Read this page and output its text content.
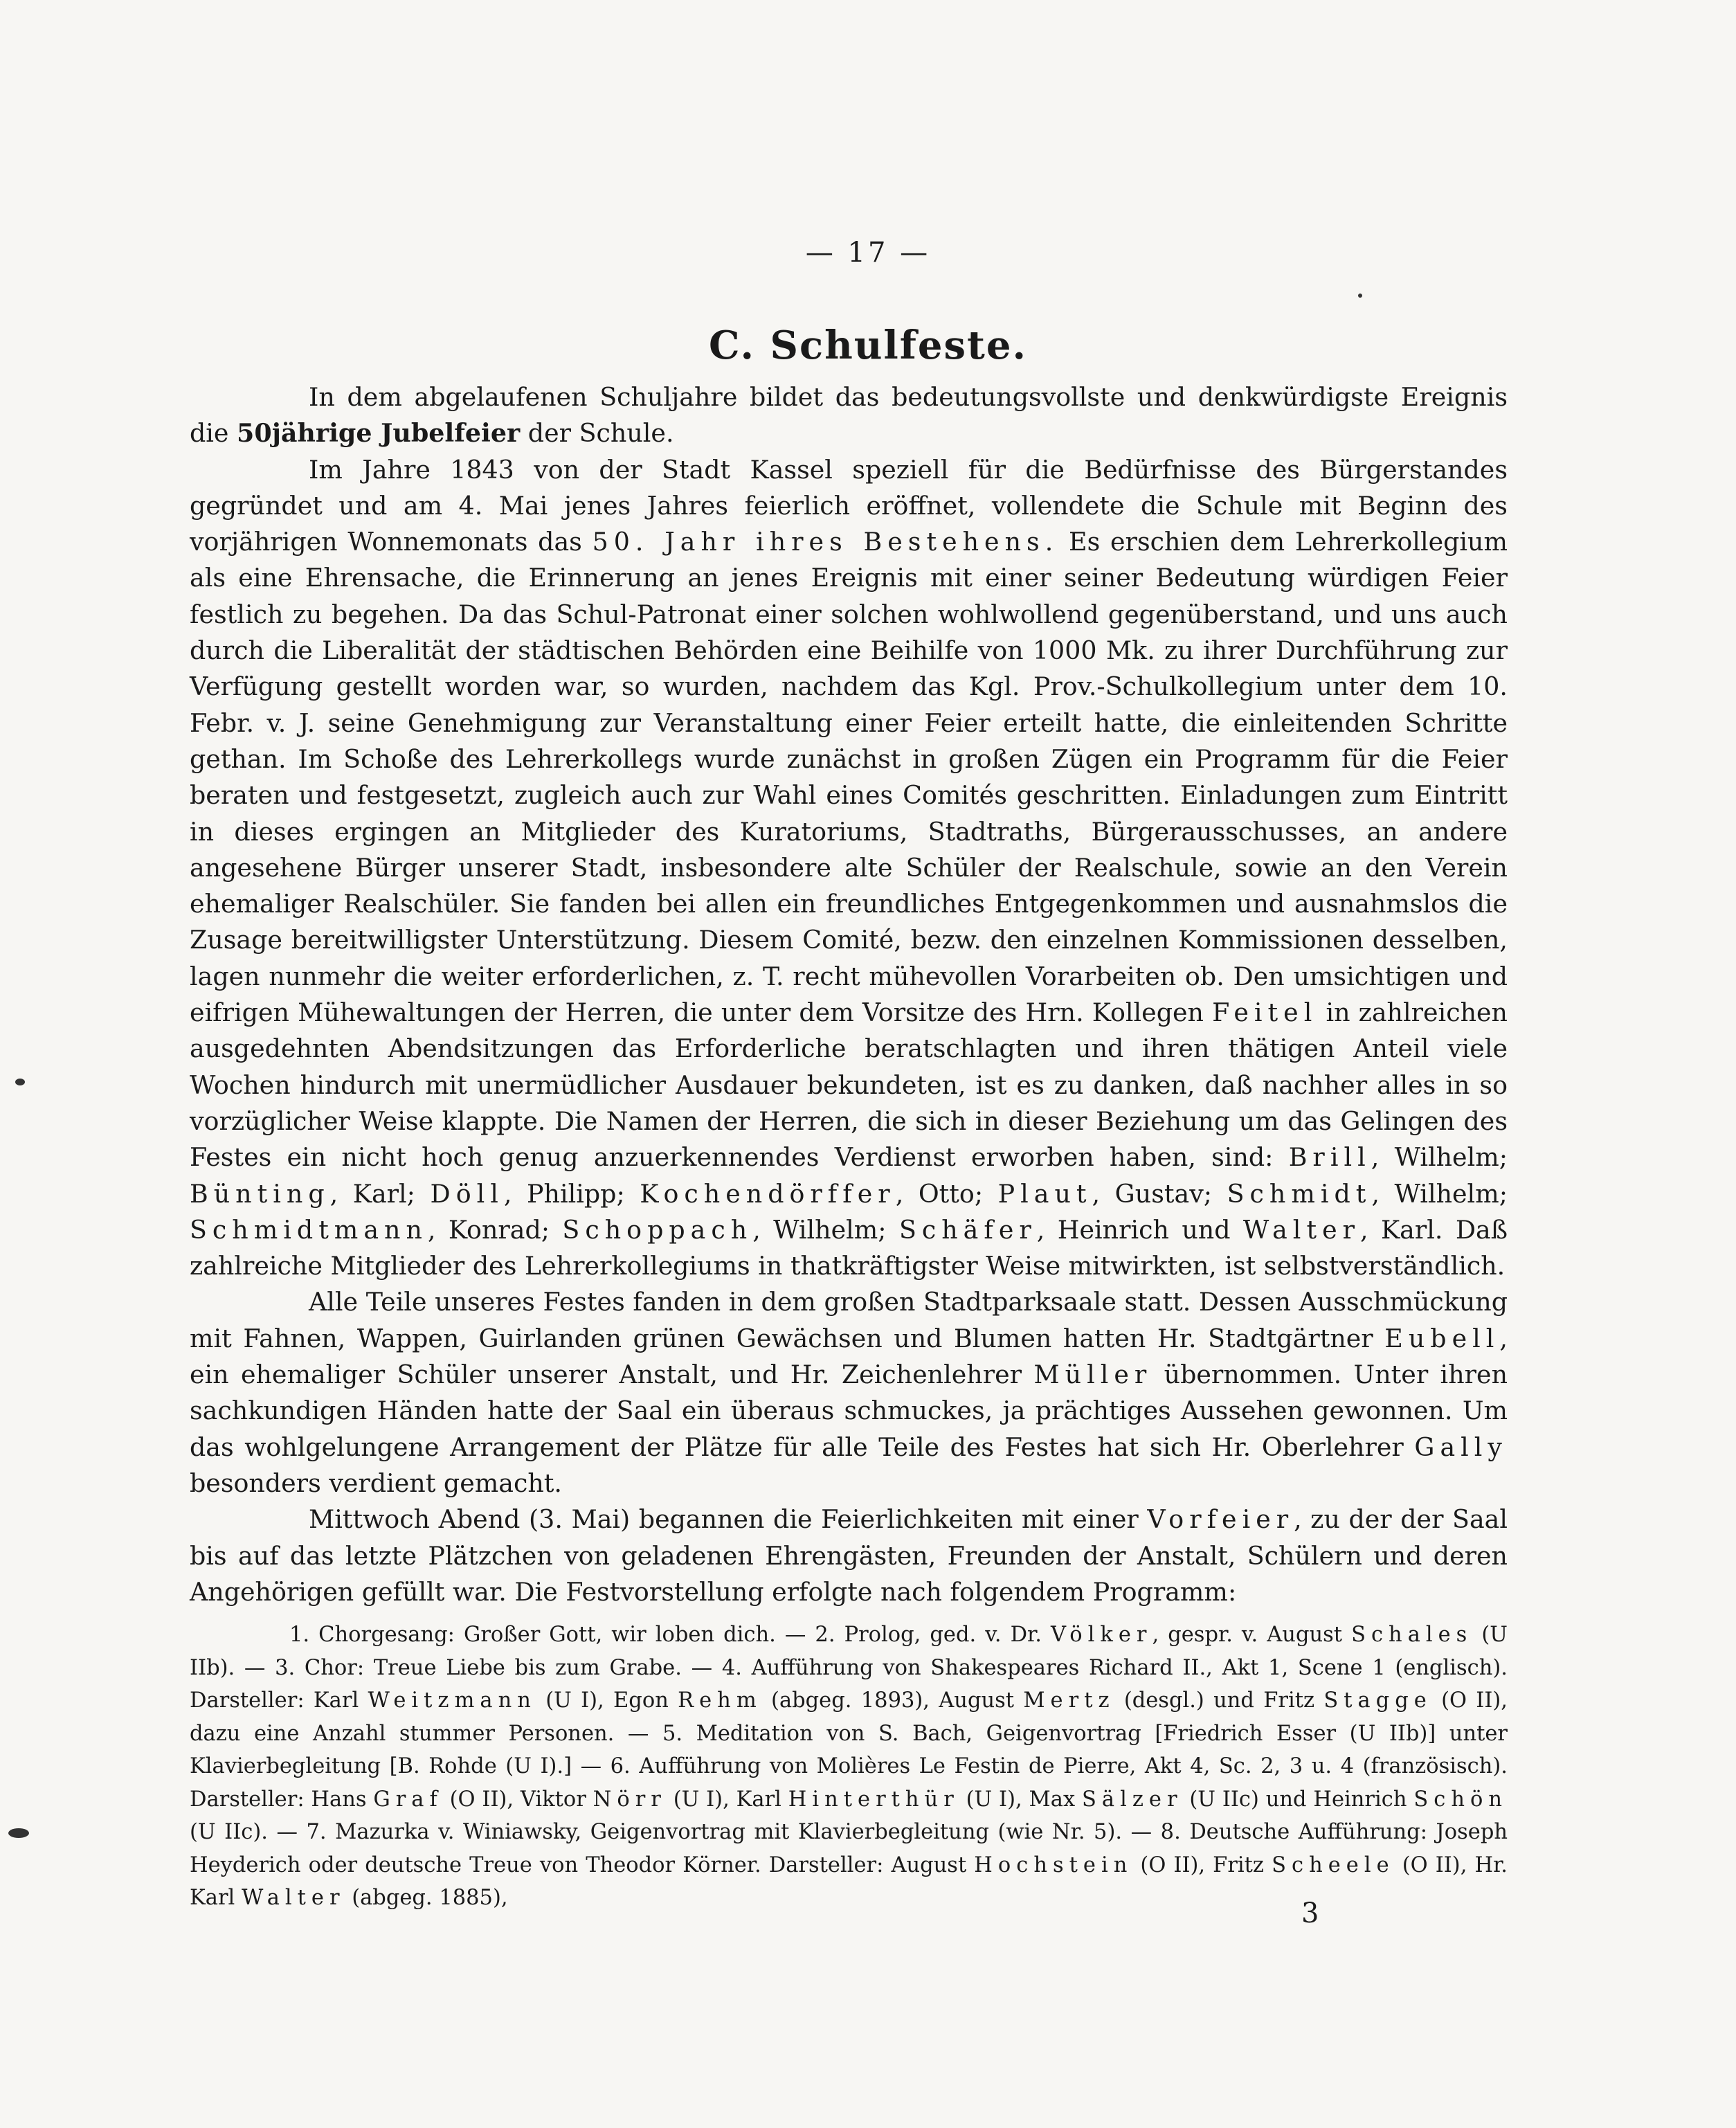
— 17 —
C. Schulfeste.

In dem abgelaufenen Schuljahre bildet das bedeutungsvollste und denkwürdigste Ereignis die 50jährige Jubelfeier der Schule.

Im Jahre 1843 von der Stadt Kassel speziell für die Bedürfnisse des Bürgerstandes gegründet und am 4. Mai jenes Jahres feierlich eröffnet, vollendete die Schule mit Beginn des vorjährigen Wonnemonats das 50. Jahr ihres Bestehens. Es erschien dem Lehrerkollegium als eine Ehrensache, die Erinnerung an jenes Ereignis mit einer seiner Bedeutung würdigen Feier festlich zu begehen. Da das Schul-Patronat einer solchen wohlwollend gegenüberstand, und uns auch durch die Liberalität der städtischen Behörden eine Beihilfe von 1000 Mk. zu ihrer Durchführung zur Verfügung gestellt worden war, so wurden, nachdem das Kgl. Prov.-Schulkollegium unter dem 10. Febr. v. J. seine Genehmigung zur Veranstaltung einer Feier erteilt hatte, die einleitenden Schritte gethan. Im Schoße des Lehrerkollegs wurde zunächst in großen Zügen ein Programm für die Feier beraten und festgesetzt, zugleich auch zur Wahl eines Comités geschritten. Einladungen zum Eintritt in dieses ergingen an Mitglieder des Kuratoriums, Stadtraths, Bürgerausschusses, an andere angesehene Bürger unserer Stadt, insbesondere alte Schüler der Realschule, sowie an den Verein ehemaliger Realschüler. Sie fanden bei allen ein freundliches Entgegenkommen und ausnahmslos die Zusage bereitwilligster Unterstützung. Diesem Comité, bezw. den einzelnen Kommissionen desselben, lagen nunmehr die weiter erforderlichen, z. T. recht mühevollen Vorarbeiten ob. Den umsichtigen und eifrigen Mühewaltungen der Herren, die unter dem Vorsitze des Hrn. Kollegen Feitel in zahlreichen ausgedehnten Abendsitzungen das Erforderliche beratschlagten und ihren thätigen Anteil viele Wochen hindurch mit unermüdlicher Ausdauer bekundeten, ist es zu danken, daß nachher alles in so vorzüglicher Weise klappte. Die Namen der Herren, die sich in dieser Beziehung um das Gelingen des Festes ein nicht hoch genug anzuerkennendes Verdienst erworben haben, sind: Brill, Wilhelm; Bünting, Karl; Döll, Philipp; Kochendörffer, Otto; Plaut, Gustav; Schmidt, Wilhelm; Schmidtmann, Konrad; Schoppach, Wilhelm; Schäfer, Heinrich und Walter, Karl. Daß zahlreiche Mitglieder des Lehrerkollegiums in thatkräftigster Weise mitwirkten, ist selbstverständlich.

Alle Teile unseres Festes fanden in dem großen Stadtparksaale statt. Dessen Ausschmückung mit Fahnen, Wappen, Guirlanden grünen Gewächsen und Blumen hatten Hr. Stadtgärtner Eubell, ein ehemaliger Schüler unserer Anstalt, und Hr. Zeichenlehrer Müller übernommen. Unter ihren sachkundigen Händen hatte der Saal ein überaus schmuckes, ja prächtiges Aussehen gewonnen. Um das wohlgelungene Arrangement der Plätze für alle Teile des Festes hat sich Hr. Oberlehrer Gally besonders verdient gemacht.

Mittwoch Abend (3. Mai) begannen die Feierlichkeiten mit einer Vorfeier, zu der der Saal bis auf das letzte Plätzchen von geladenen Ehrengästen, Freunden der Anstalt, Schülern und deren Angehörigen gefüllt war. Die Festvorstellung erfolgte nach folgendem Programm:

1. Chorgesang: Großer Gott, wir loben dich. — 2. Prolog, ged. v. Dr. Völker, gespr. v. August Schales (U IIb). — 3. Chor: Treue Liebe bis zum Grabe. — 4. Aufführung von Shakespeares Richard II., Akt 1, Scene 1 (englisch). Darsteller: Karl Weitzmann (U I), Egon Rehm (abgeg. 1893), August Mertz (desgl.) und Fritz Stagge (O II), dazu eine Anzahl stummer Personen. — 5. Meditation von S. Bach, Geigenvortrag [Friedrich Esser (U IIb)] unter Klavierbegleitung [B. Rohde (U I).] — 6. Aufführung von Molières Le Festin de Pierre, Akt 4, Sc. 2, 3 u. 4 (französisch). Darsteller: Hans Graf (O II), Viktor Nörr (U I), Karl Hinterthür (U I), Max Sälzer (U IIc) und Heinrich Schön (U IIc). — 7. Mazurka v. Winiawsky, Geigenvortrag mit Klavierbegleitung (wie Nr. 5). — 8. Deutsche Aufführung: Joseph Heyderich oder deutsche Treue von Theodor Körner. Darsteller: August Hochstein (O II), Fritz Scheele (O II), Hr. Karl Walter (abgeg. 1885),	3
